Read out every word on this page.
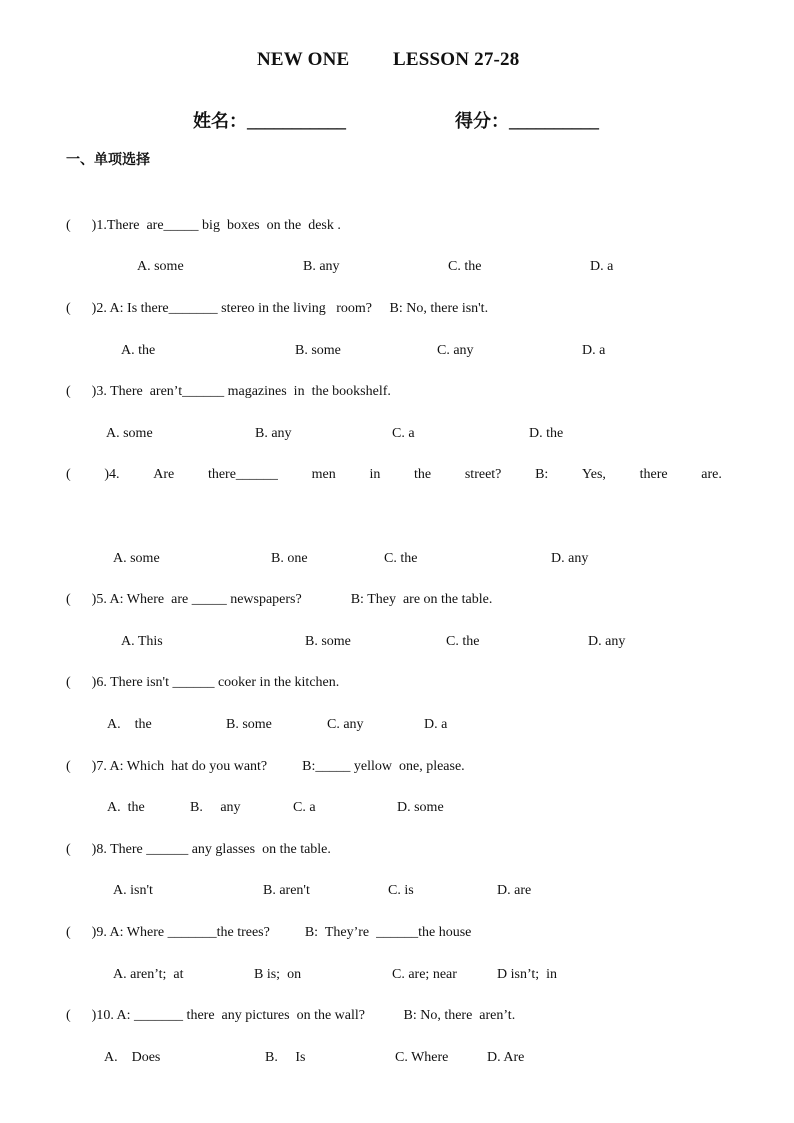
NEW ONE LESSON 27-28
姓名：___________	得分：__________
一、单项选择
(      )1.There  are_____ big  boxes  on the  desk .
A. some	B. any	C. the	D. a
(      )2. A: Is there_______ stereo in the living   room?     B: No, there isn't.
A. the	B. some	C. any	D. a
(      )3. There  aren’t______ magazines  in  the bookshelf.
A. some	B. any	C. a	D. the
( )4. Are there______ men in the street? B: Yes, there are.
A. some	B. one	C. the	D. any
(      )5. A: Where  are _____ newspapers?              B: They  are on the table.
A. This	B. some	C. the	D. any
(      )6. There isn't ______ cooker in the kitchen.
A.    the	B. some	C. any	D. a
(      )7. A: Which  hat do you want?          B:_____ yellow  one, please.
A.  the	B.     any	C. a	D. some
(      )8. There ______ any glasses  on the table.
A. isn't	B. aren't	C. is	D. are
(      )9. A: Where _______the trees?          B:  They’re  ______the house
A. aren’t;  at	B is;  on	C. are; near	D isn’t;  in
(      )10. A: _______ there  any pictures  on the wall?           B: No, there  aren’t.
A.    Does	B.     Is	C. Where	D. Are
